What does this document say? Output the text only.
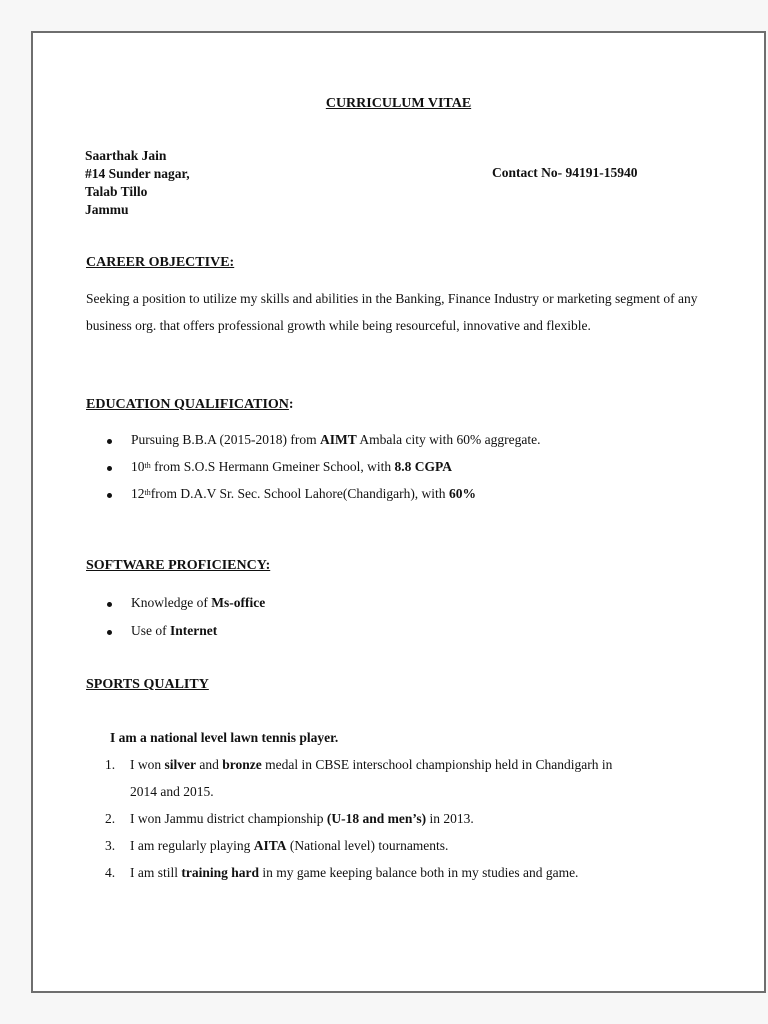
CURRICULUM VITAE
Saarthak Jain
#14 Sunder nagar,
Talab Tillo
Jammu
Contact No- 94191-15940
CAREER OBJECTIVE:
Seeking a position to utilize my skills and abilities in the Banking, Finance Industry or marketing segment of any business org. that offers professional growth while being resourceful, innovative and flexible.
EDUCATION QUALIFICATION:
Pursuing B.B.A (2015-2018) from AIMT Ambala city with 60% aggregate.
10th from S.O.S Hermann Gmeiner School, with 8.8 CGPA
12thfrom D.A.V Sr. Sec. School Lahore(Chandigarh), with 60%
SOFTWARE PROFICIENCY:
Knowledge of Ms-office
Use of Internet
SPORTS QUALITY
I am a national level lawn tennis player.
1. I won silver and bronze medal in CBSE interschool championship held in Chandigarh in
2014 and 2015.
2. I won Jammu district championship (U-18 and men’s) in 2013.
3. I am regularly playing AITA (National level) tournaments.
4. I am still training hard in my game keeping balance both in my studies and game.
